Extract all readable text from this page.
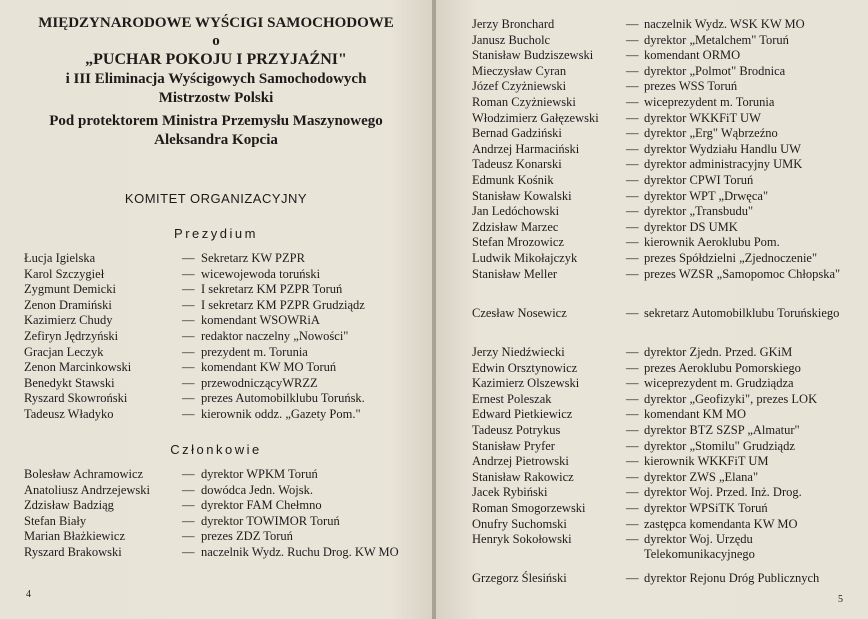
MIĘDZYNARODOWE WYŚCIGI SAMOCHODOWE
o
„PUCHAR POKOJU I PRZYJAŹNI"
i III Eliminacja Wyścigowych Samochodowych
Mistrzostw Polski
Pod protektorem Ministra Przemysłu Maszynowego
Aleksandra Kopcia
KOMITET ORGANIZACYJNY
Prezydium
Łucja Igielska	— Sekretarz KW PZPR
Karol Szczygieł	— wicewojewoda toruński
Zygmunt Demicki	— I sekretarz KM PZPR Toruń
Zenon Dramiński	— I sekretarz KM PZPR Grudziądz
Kazimierz Chudy	— komendant WSOWRiA
Zefiryn Jędrzyński	— redaktor naczelny „Nowości"
Gracjan Leczyk	— prezydent m. Torunia
Zenon Marcinkowski	— komendant KW MO Toruń
Benedykt Stawski	— przewodniczącyWRZZ
Ryszard Skowroński	— prezes Automobilklubu Toruńsk.
Tadeusz Władyko	— kierownik oddz. „Gazety Pom."
Członkowie
Bolesław Achramowicz	— dyrektor WPKM Toruń
Anatoliusz Andrzejewski	— dowódca Jedn. Wojsk.
Zdzisław Badziąg	— dyrektor FAM Chełmno
Stefan Biały	— dyrektor TOWIMOR Toruń
Marian Błażkiewicz	— prezes ZDZ Toruń
Ryszard Brakowski	— naczelnik Wydz. Ruchu Drog. KW MO
4
Jerzy Bronchard	— naczelnik Wydz. WSK KW MO
Janusz Bucholc	— dyrektor „Metalchem" Toruń
Stanisław Budziszewski	— komendant ORMO
Mieczysław Cyran	— dyrektor „Polmot" Brodnica
Józef Czyżniewski	— prezes WSS Toruń
Roman Czyżniewski	— wiceprezydent m. Torunia
Włodzimierz Gałęzewski — dyrektor WKKFiT UW
Bernad Gadziński	— dyrektor „Erg" Wąbrzeźno
Andrzej Harmaciński	— dyrektor Wydziału Handlu UW
Tadeusz Konarski	— dyrektor administracyjny UMK
Edmunk Kośnik	— dyrektor CPWI Toruń
Stanisław Kowalski	— dyrektor WPT „Drwęca"
Jan Ledóchowski	— dyrektor „Transbudu"
Zdzisław Marzec	— dyrektor DS UMK
Stefan Mrozowicz	— kierownik Aeroklubu Pom.
Ludwik Mikołajczyk	— prezes Spółdzielni „Zjednoczenie"
Stanisław Meller	— prezes WZSR „Samopomoc Chłopska"
Czesław Nosewicz	— sekretarz Automobilklubu Toruńskiego
Jerzy Niedźwiecki	— dyrektor Zjedn. Przed. GKiM
Edwin Orsztynowicz	— prezes Aeroklubu Pomorskiego
Kazimierz Olszewski	— wiceprezydent m. Grudziądza
Ernest Poleszak	— dyrektor „Geofizyki", prezes LOK
Edward Pietkiewicz	— komendant KM MO
Tadeusz Potrykus	— dyrektor BTZ SZSP „Almatur"
Stanisław Pryfer	— dyrektor „Stomilu" Grudziądz
Andrzej Pietrowski	— kierownik WKKFiT UM
Stanisław Rakowicz	— dyrektor ZWS „Elana"
Jacek Rybiński	— dyrektor Woj. Przed. Inż. Drog.
Roman Smogorzewski	— dyrektor WPSiTK Toruń
Onufry Suchomski	— zastępca komendanta KW MO
Henryk Sokołowski	— dyrektor Woj. Urzędu Telekomunikacyjnego
Grzegorz Ślesiński	— dyrektor Rejonu Dróg Publicznych
5
